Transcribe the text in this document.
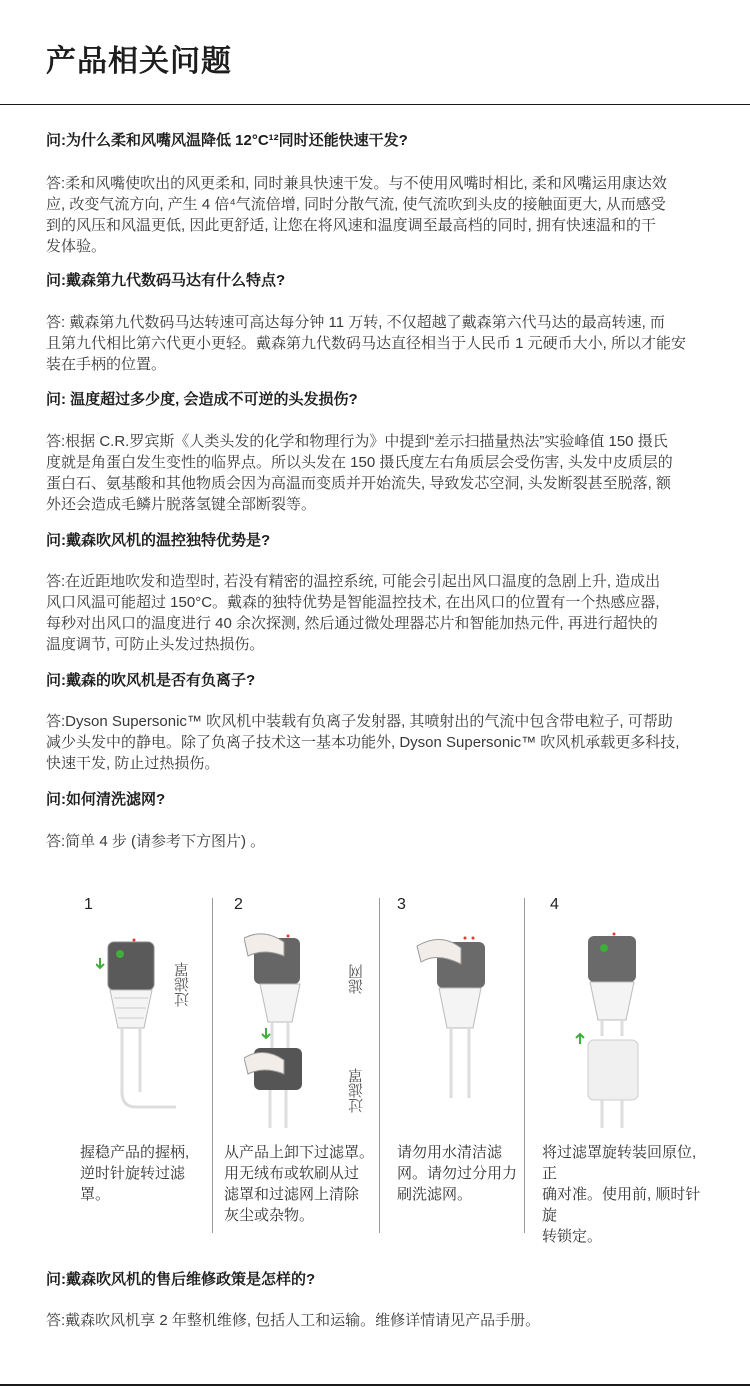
产品相关问题
问:为什么柔和风嘴风温降低 12°C¹²同时还能快速干发?
答:柔和风嘴使吹出的风更柔和, 同时兼具快速干发。与不使用风嘴时相比, 柔和风嘴运用康达效
应, 改变气流方向, 产生 4 倍⁴气流倍增, 同时分散气流, 使气流吹到头皮的接触面更大, 从而感受
到的风压和风温更低, 因此更舒适, 让您在将风速和温度调至最高档的同时, 拥有快速温和的干
发体验。
问:戴森第九代数码马达有什么特点?
答: 戴森第九代数码马达转速可高达每分钟 11 万转, 不仅超越了戴森第六代马达的最高转速, 而
且第九代相比第六代更小更轻。戴森第九代数码马达直径相当于人民币 1 元硬币大小, 所以才能安
装在手柄的位置。
问: 温度超过多少度, 会造成不可逆的头发损伤?
答:根据 C.R.罗宾斯《人类头发的化学和物理行为》中提到“差示扫描量热法”实验峰值 150 摄氏
度就是角蛋白发生变性的临界点。所以头发在 150 摄氏度左右角质层会受伤害, 头发中皮质层的
蛋白石、氨基酸和其他物质会因为高温而变质并开始流失, 导致发芯空洞, 头发断裂甚至脱落, 额
外还会造成毛鳞片脱落氢键全部断裂等。
问:戴森吹风机的温控独特优势是?
答:在近距地吹发和造型时, 若没有精密的温控系统, 可能会引起出风口温度的急剧上升, 造成出
风口风温可能超过 150°C。戴森的独特优势是智能温控技术, 在出风口的位置有一个热感应器,
每秒对出风口的温度进行 40 余次探测, 然后通过微处理器芯片和智能加热元件, 再进行超快的
温度调节, 可防止头发过热损伤。
问:戴森的吹风机是否有负离子?
答:Dyson Supersonic™ 吹风机中装载有负离子发射器, 其喷射出的气流中包含带电粒子, 可帮助
减少头发中的静电。除了负离子技术这一基本功能外, Dyson Supersonic™ 吹风机承载更多科技,
快速干发, 防止过热损伤。
问:如何清洗滤网?
答:简单 4 步 (请参考下方图片) 。
1
过滤罩
握稳产品的握柄,
逆时针旋转过滤
罩。
2
滤网
过滤罩
从产品上卸下过滤罩。
用无绒布或软刷从过
滤罩和过滤网上清除
灰尘或杂物。
3
请勿用水清洁滤
网。请勿过分用力
刷洗滤网。
4
将过滤罩旋转装回原位, 正
确对准。使用前, 顺时针旋
转锁定。
问:戴森吹风机的售后维修政策是怎样的?
答:戴森吹风机享 2 年整机维修, 包括人工和运输。维修详情请见产品手册。
